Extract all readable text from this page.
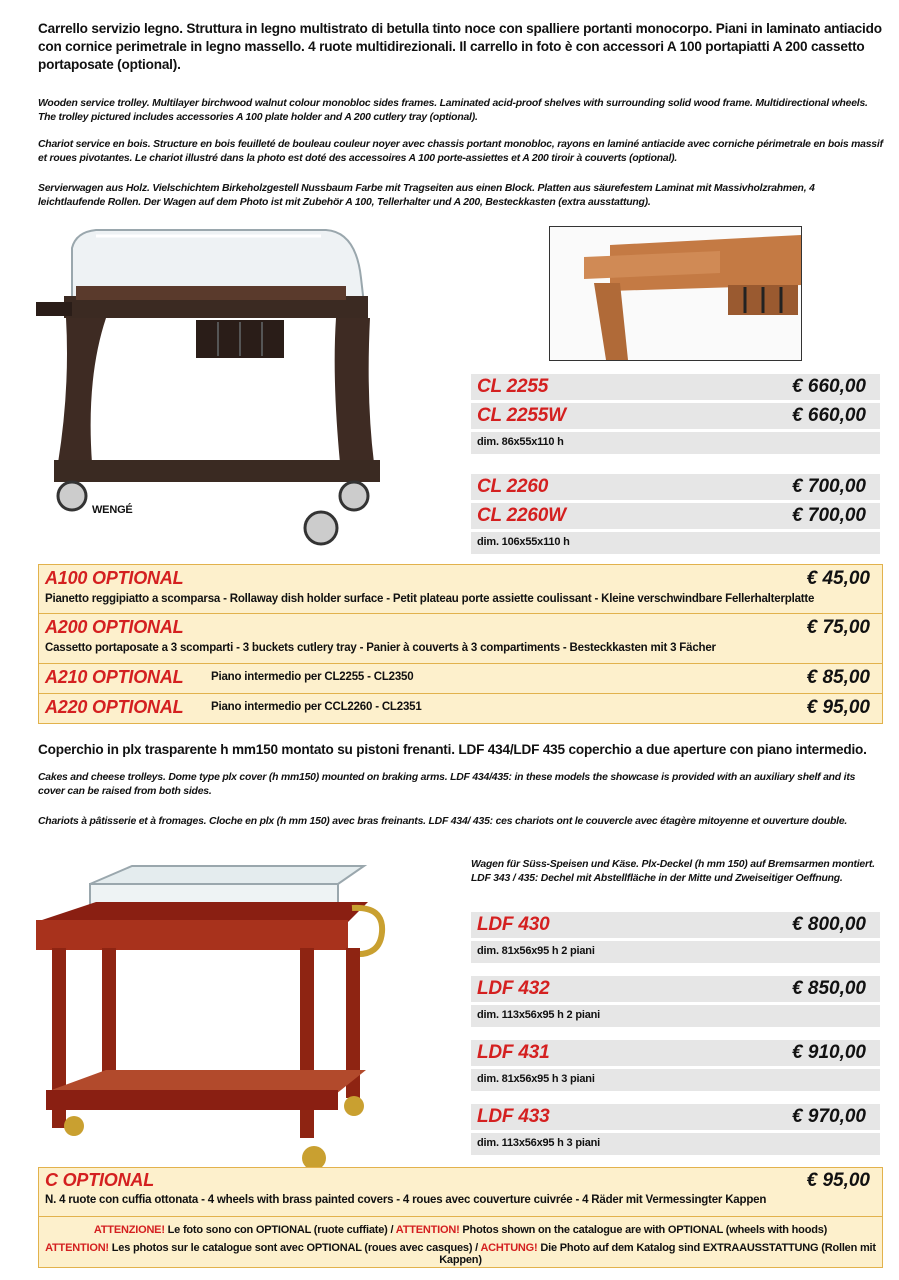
Carrello servizio legno. Struttura in legno multistrato di betulla tinto noce con spalliere portanti monocorpo. Piani in laminato antiacido con cornice perimetrale in legno massello. 4 ruote multidirezionali. Il carrello in foto è con accessori A 100 portapiatti A 200 cassetto portaposate (optional).
Wooden service trolley. Multilayer birchwood walnut colour monobloc sides frames. Laminated acid-proof shelves with surrounding solid wood frame. Multidirectional wheels. The trolley pictured includes accessories A 100 plate holder and A 200 cutlery tray (optional).
Chariot service en bois. Structure en bois feuilleté de bouleau couleur noyer avec chassis portant monobloc, rayons en laminé antiacide avec corniche périmetrale en bois massif et roues pivotantes. Le chariot illustré dans la photo est doté des accessoires A 100 porte-assiettes et A 200 tiroir à couverts (optional).
Servierwagen aus Holz. Vielschichtem Birkeholzgestell Nussbaum Farbe mit Tragseiten aus einen Block. Platten aus säurefestem Laminat mit Massivholzrahmen, 4 leichtlaufende Rollen. Der Wagen auf dem Photo ist mit Zubehör A 100, Tellerhalter und A 200, Besteckkasten (extra ausstattung).
WENGÉ
CL 2255	€ 660,00
CL 2255W	€ 660,00
dim. 86x55x110 h
CL 2260	€ 700,00
CL 2260W	€ 700,00
dim. 106x55x110 h
A100 OPTIONAL	€ 45,00
Pianetto reggipiatto a scomparsa - Rollaway dish holder surface - Petit plateau porte assiette coulissant - Kleine verschwindbare Fellerhalterplatte
A200 OPTIONAL	€ 75,00
Cassetto portaposate a 3 scomparti - 3 buckets cutlery tray - Panier à couverts à 3 compartiments - Besteckkasten mit 3 Fächer
A210 OPTIONAL Piano intermedio per CL2255 - CL2350	€ 85,00
A220 OPTIONAL Piano intermedio per CCL2260 - CL2351	€ 95,00
Coperchio in plx trasparente h mm150 montato su pistoni frenanti. LDF 434/LDF 435 coperchio a due aperture con piano intermedio.
Cakes and cheese trolleys. Dome type plx cover (h mm150) mounted on braking arms. LDF 434/435: in these models the showcase is provided with an auxiliary shelf and its cover can be raised from both sides.
Chariots à pâtisserie et à fromages. Cloche en plx (h mm 150) avec bras freinants. LDF 434/ 435: ces chariots ont le couvercle avec étagère mitoyenne et ouverture double.
Wagen für Süss-Speisen und Käse. Plx-Deckel (h mm 150) auf Bremsarmen montiert. LDF 343 / 435: Dechel mit Abstellfläche in der Mitte und Zweiseitiger Oeffnung.
LDF 430	€ 800,00
dim. 81x56x95 h 2 piani
LDF 432	€ 850,00
dim. 113x56x95 h 2 piani
LDF 431	€ 910,00
dim. 81x56x95 h 3 piani
LDF 433	€ 970,00
dim. 113x56x95 h 3 piani
C OPTIONAL	€ 95,00
N. 4 ruote con cuffia ottonata - 4 wheels with brass painted covers - 4 roues avec couverture cuivrée - 4 Räder mit Vermessingter Kappen
ATTENZIONE! Le foto sono con OPTIONAL (ruote cuffiate) / ATTENTION! Photos shown on the catalogue are with OPTIONAL (wheels with hoods)
ATTENTION! Les photos sur le catalogue sont avec OPTIONAL (roues avec casques) / ACHTUNG! Die Photo auf dem Katalog sind EXTRAAUSSTATTUNG (Rollen mit Kappen)
